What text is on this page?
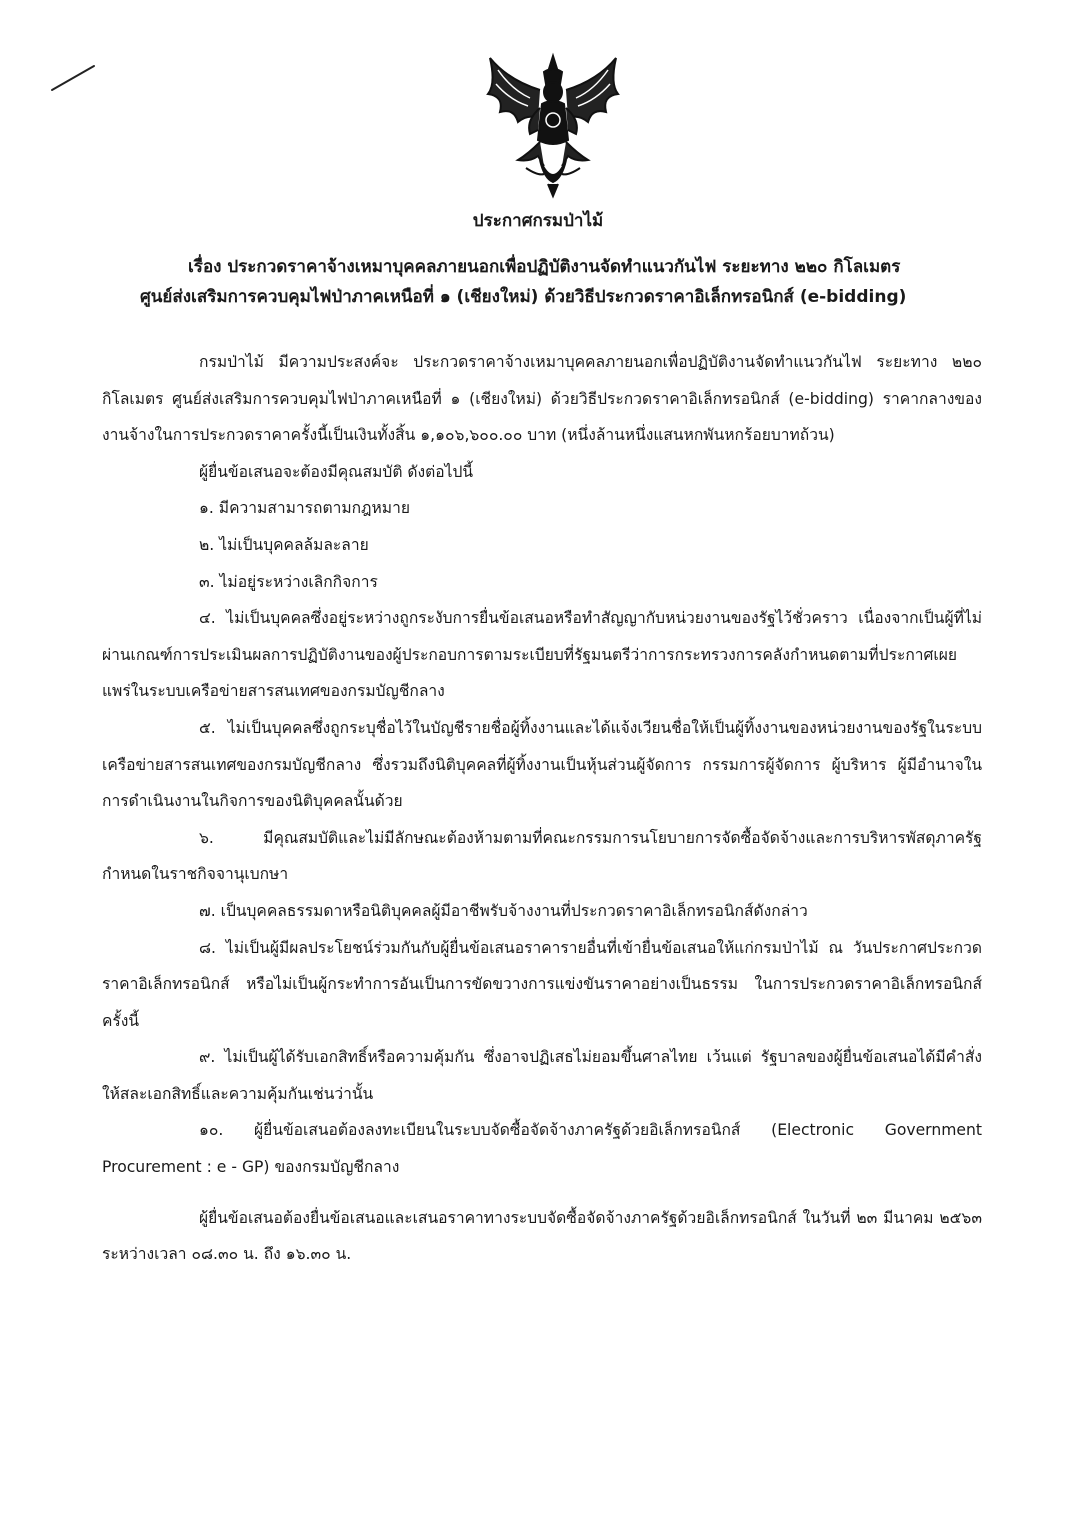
ประกาศกรมป่าไม้
เรื่อง ประกวดราคาจ้างเหมาบุคคลภายนอกเพื่อปฏิบัติงานจัดทำแนวกันไฟ ระยะทาง ๒๒๐ กิโลเมตร
ศูนย์ส่งเสริมการควบคุมไฟป่าภาคเหนือที่ ๑ (เชียงใหม่) ด้วยวิธีประกวดราคาอิเล็กทรอนิกส์ (e-bidding)

กรมป่าไม้ มีความประสงค์จะ ประกวดราคาจ้างเหมาบุคคลภายนอกเพื่อปฏิบัติงานจัดทำแนวกันไฟ ระยะทาง ๒๒๐ กิโลเมตร ศูนย์ส่งเสริมการควบคุมไฟป่าภาคเหนือที่ ๑ (เชียงใหม่) ด้วยวิธีประกวดราคาอิเล็กทรอนิกส์ (e-bidding) ราคากลางของงานจ้างในการประกวดราคาครั้งนี้เป็นเงินทั้งสิ้น ๑,๑๐๖,๖๐๐.๐๐ บาท (หนึ่งล้านหนึ่งแสนหกพันหกร้อยบาทถ้วน)

ผู้ยื่นข้อเสนอจะต้องมีคุณสมบัติ ดังต่อไปนี้

๑. มีความสามารถตามกฎหมาย

๒. ไม่เป็นบุคคลล้มละลาย

๓. ไม่อยู่ระหว่างเลิกกิจการ

๔. ไม่เป็นบุคคลซึ่งอยู่ระหว่างถูกระงับการยื่นข้อเสนอหรือทำสัญญากับหน่วยงานของรัฐไว้ชั่วคราว เนื่องจากเป็นผู้ที่ไม่ผ่านเกณฑ์การประเมินผลการปฏิบัติงานของผู้ประกอบการตามระเบียบที่รัฐมนตรีว่าการกระทรวงการคลังกำหนดตามที่ประกาศเผยแพร่ในระบบเครือข่ายสารสนเทศของกรมบัญชีกลาง

๕. ไม่เป็นบุคคลซึ่งถูกระบุชื่อไว้ในบัญชีรายชื่อผู้ทิ้งงานและได้แจ้งเวียนชื่อให้เป็นผู้ทิ้งงานของหน่วยงานของรัฐในระบบเครือข่ายสารสนเทศของกรมบัญชีกลาง ซึ่งรวมถึงนิติบุคคลที่ผู้ทิ้งงานเป็นหุ้นส่วนผู้จัดการ กรรมการผู้จัดการ ผู้บริหาร ผู้มีอำนาจในการดำเนินงานในกิจการของนิติบุคคลนั้นด้วย

๖. มีคุณสมบัติและไม่มีลักษณะต้องห้ามตามที่คณะกรรมการนโยบายการจัดซื้อจัดจ้างและการบริหารพัสดุภาครัฐกำหนดในราชกิจจานุเบกษา

๗. เป็นบุคคลธรรมดาหรือนิติบุคคลผู้มีอาชีพรับจ้างงานที่ประกวดราคาอิเล็กทรอนิกส์ดังกล่าว

๘. ไม่เป็นผู้มีผลประโยชน์ร่วมกันกับผู้ยื่นข้อเสนอราคารายอื่นที่เข้ายื่นข้อเสนอให้แก่กรมป่าไม้ ณ วันประกาศประกวดราคาอิเล็กทรอนิกส์ หรือไม่เป็นผู้กระทำการอันเป็นการขัดขวางการแข่งขันราคาอย่างเป็นธรรม ในการประกวดราคาอิเล็กทรอนิกส์ครั้งนี้

๙. ไม่เป็นผู้ได้รับเอกสิทธิ์หรือความคุ้มกัน ซึ่งอาจปฏิเสธไม่ยอมขึ้นศาลไทย เว้นแต่ รัฐบาลของผู้ยื่นข้อเสนอได้มีคำสั่งให้สละเอกสิทธิ์และความคุ้มกันเช่นว่านั้น

๑๐. ผู้ยื่นข้อเสนอต้องลงทะเบียนในระบบจัดซื้อจัดจ้างภาครัฐด้วยอิเล็กทรอนิกส์ (Electronic Government Procurement : e - GP) ของกรมบัญชีกลาง

ผู้ยื่นข้อเสนอต้องยื่นข้อเสนอและเสนอราคาทางระบบจัดซื้อจัดจ้างภาครัฐด้วยอิเล็กทรอนิกส์ ในวันที่ ๒๓ มีนาคม ๒๕๖๓ ระหว่างเวลา ๐๘.๓๐ น. ถึง ๑๖.๓๐ น.
